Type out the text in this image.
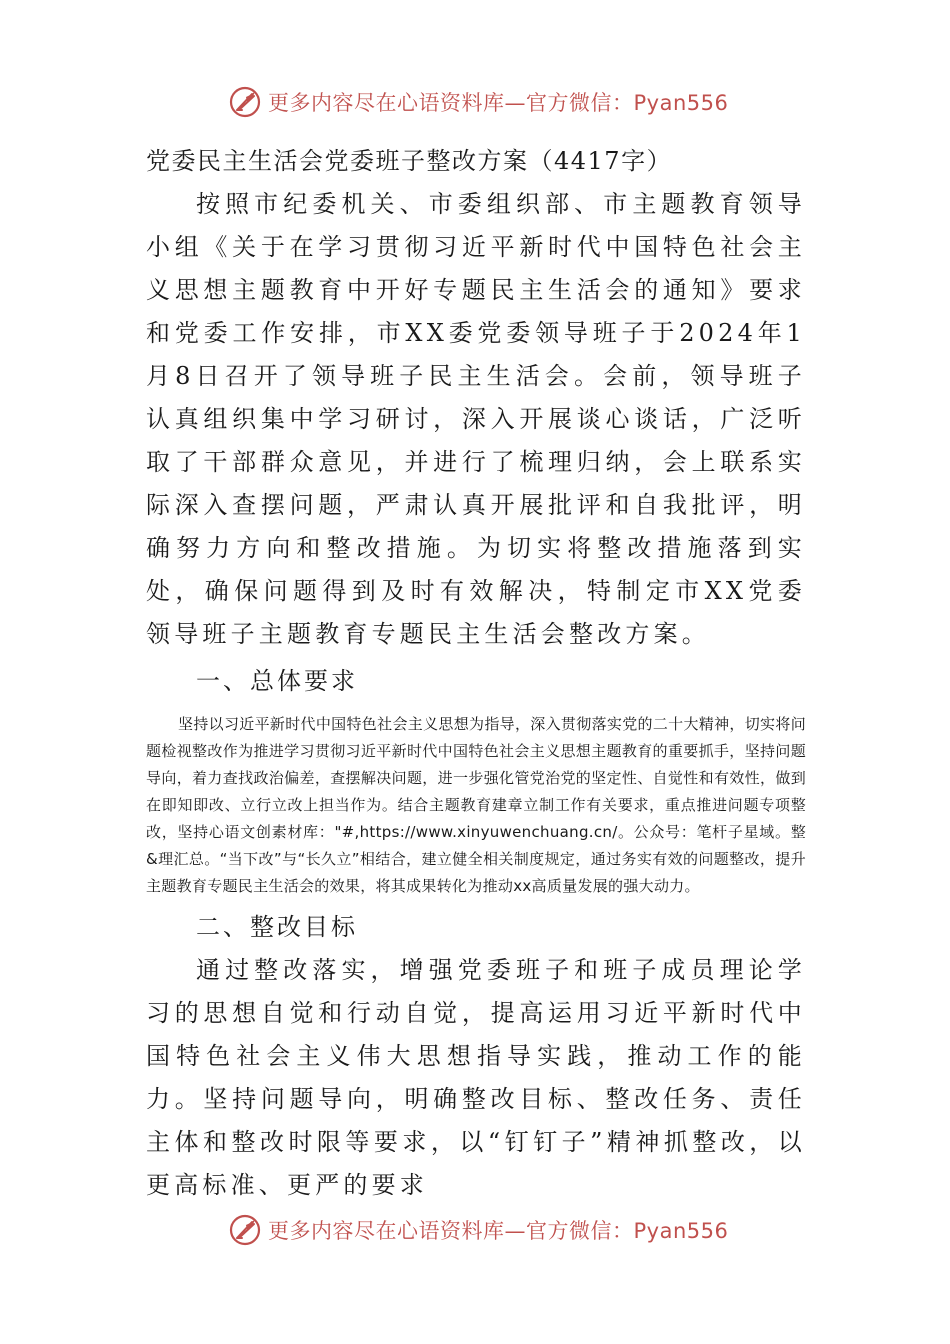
更多内容尽在心语资料库—官方微信：Pyan556

党委民主生活会党委班子整改方案（4417字）

按照市纪委机关、市委组织部、市主题教育领导小组《关于在学习贯彻习近平新时代中国特色社会主义思想主题教育中开好专题民主生活会的通知》要求和党委工作安排，市XX委党委领导班子于2024年1月8日召开了领导班子民主生活会。会前，领导班子认真组织集中学习研讨，深入开展谈心谈话，广泛听取了干部群众意见，并进行了梳理归纳，会上联系实际深入查摆问题，严肃认真开展批评和自我批评，明确努力方向和整改措施。为切实将整改措施落到实处，确保问题得到及时有效解决，特制定市XX党委领导班子主题教育专题民主生活会整改方案。

一、总体要求

坚持以习近平新时代中国特色社会主义思想为指导，深入贯彻落实党的二十大精神，切实将问题检视整改作为推进学习贯彻习近平新时代中国特色社会主义思想主题教育的重要抓手，坚持问题导向，着力查找政治偏差，查摆解决问题，进一步强化管党治党的坚定性、自觉性和有效性，做到在即知即改、立行立改上担当作为。结合主题教育建章立制工作有关要求，重点推进问题专项整改，坚持心语文创素材库："#,https://www.xinyuwenchuang.cn/。公众号：笔杆子星域。整&理汇总。“当下改”与“长久立”相结合，建立健全相关制度规定，通过务实有效的问题整改，提升主题教育专题民主生活会的效果，将其成果转化为推动xx高质量发展的强大动力。

二、整改目标

通过整改落实，增强党委班子和班子成员理论学习的思想自觉和行动自觉，提高运用习近平新时代中国特色社会主义伟大思想指导实践，推动工作的能力。坚持问题导向，明确整改目标、整改任务、责任主体和整改时限等要求，以“钉钉子”精神抓整改，以更高标准、更严的要求

更多内容尽在心语资料库—官方微信：Pyan556
